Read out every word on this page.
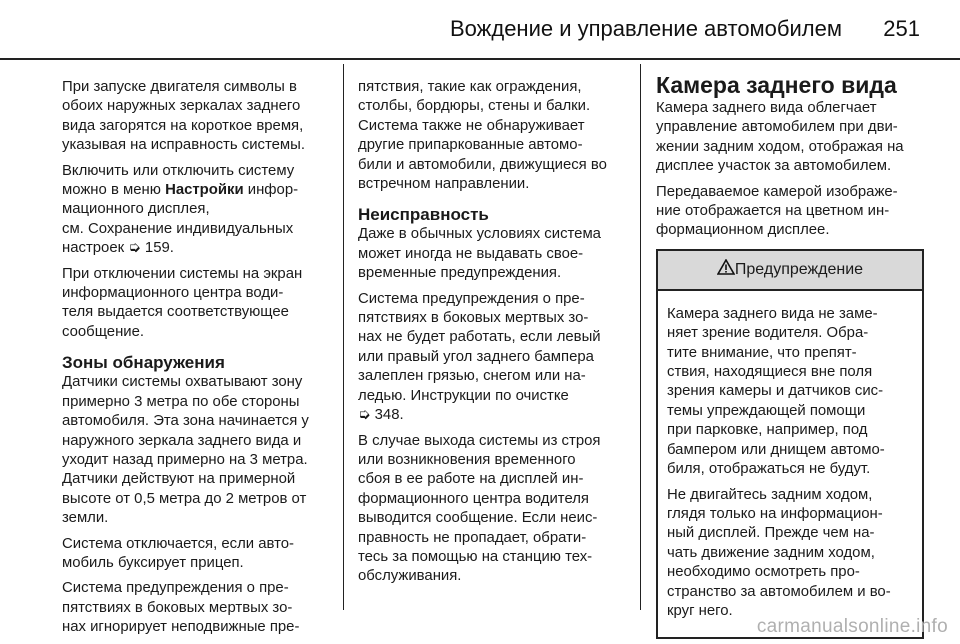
Вождение и управление автомобилем 251
При запуске двигателя символы в
обоих наружных зеркалах заднего
вида загорятся на короткое время,
указывая на исправность системы.
Включить или отключить систему
можно в меню Настройки инфор-
мационного дисплея,
см. Сохранение индивидуальных
настроек ➭ 159.
При отключении системы на экран
информационного центра води-
теля выдается соответствующее
сообщение.
Зоны обнаружения
Датчики системы охватывают зону
примерно 3 метра по обе стороны
автомобиля. Эта зона начинается у
наружного зеркала заднего вида и
уходит назад примерно на 3 метра.
Датчики действуют на примерной
высоте от 0,5 метра до 2 метров от
земли.
Система отключается, если авто-
мобиль буксирует прицеп.
Система предупреждения о пре-
пятствиях в боковых мертвых зо-
нах игнорирует неподвижные пре-
пятствия, такие как ограждения,
столбы, бордюры, стены и балки.
Система также не обнаруживает
другие припаркованные автомо-
били и автомобили, движущиеся во
встречном направлении.
Неисправность
Даже в обычных условиях система
может иногда не выдавать свое-
временные предупреждения.
Система предупреждения о пре-
пятствиях в боковых мертвых зо-
нах не будет работать, если левый
или правый угол заднего бампера
залеплен грязью, снегом или на-
ледью. Инструкции по очистке
➭ 348.
В случае выхода системы из строя
или возникновения временного
сбоя в ее работе на дисплей ин-
формационного центра водителя
выводится сообщение. Если неис-
правность не пропадает, обрати-
тесь за помощью на станцию тех-
обслуживания.
Камера заднего вида
Камера заднего вида облегчает
управление автомобилем при дви-
жении задним ходом, отображая на
дисплее участок за автомобилем.
Передаваемое камерой изображе-
ние отображается на цветном ин-
формационном дисплее.
Предупреждение
Камера заднего вида не заме-
няет зрение водителя. Обра-
тите внимание, что препят-
ствия, находящиеся вне поля
зрения камеры и датчиков сис-
темы упреждающей помощи
при парковке, например, под
бампером или днищем автомо-
биля, отображаться не будут.
Не двигайтесь задним ходом,
глядя только на информацион-
ный дисплей. Прежде чем на-
чать движение задним ходом,
необходимо осмотреть про-
странство за автомобилем и во-
круг него.
carmanualsonline.info
